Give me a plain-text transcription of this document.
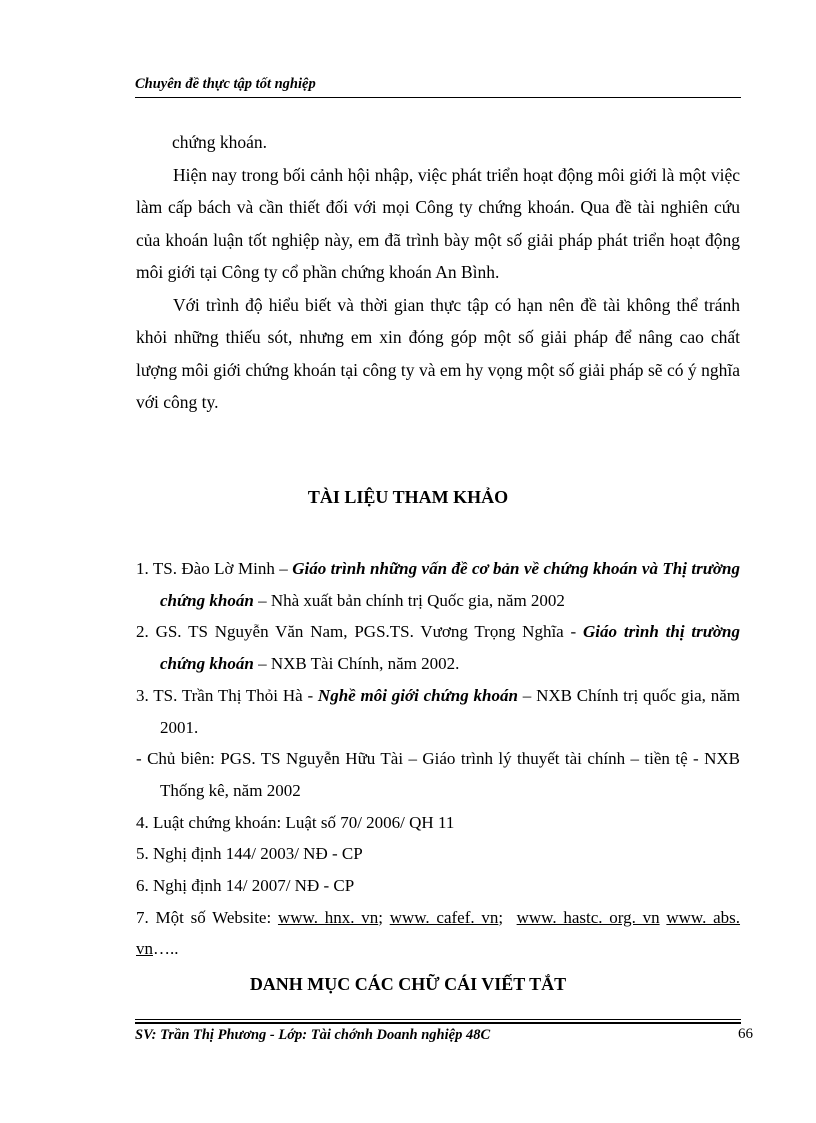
Chuyên đề thực tập tốt nghiệp

chứng khoán.

Hiện nay trong bối cảnh hội nhập, việc phát triển hoạt động môi giới là một việc làm cấp bách và cần thiết đối với mọi Công ty chứng khoán. Qua đề tài nghiên cứu của khoán luận tốt nghiệp này, em đã trình bày một số giải pháp phát triển hoạt động môi giới tại Công ty cổ phần chứng khoán An Bình.

Với trình độ hiểu biết và thời gian thực tập có hạn nên đề tài không thể tránh khỏi những thiếu sót, nhưng em xin đóng góp một số giải pháp để nâng cao chất lượng môi giới chứng khoán tại công ty và em hy vọng một số giải pháp sẽ có ý nghĩa với công ty.

TÀI LIỆU THAM KHẢO

1. TS. Đào Lờ Minh – Giáo trình những vấn đề cơ bản về chứng khoán và Thị trường chứng khoán – Nhà xuất bản chính trị Quốc gia, năm 2002

2. GS. TS Nguyễn Văn Nam, PGS.TS. Vương Trọng Nghĩa - Giáo trình thị trường chứng khoán – NXB Tài Chính, năm 2002.

3. TS. Trần Thị Thỏi Hà - Nghề môi giới chứng khoán – NXB Chính trị quốc gia, năm 2001.

- Chủ biên: PGS. TS Nguyễn Hữu Tài – Giáo trình lý thuyết tài chính – tiền tệ - NXB Thống kê, năm 2002

4. Luật chứng khoán: Luật số 70/ 2006/ QH 11

5. Nghị định 144/ 2003/ NĐ - CP

6. Nghị định 14/ 2007/ NĐ - CP

7. Một số Website: www. hnx. vn; www. cafef. vn;  www. hastc. org. vn www. abs. vn…..

DANH MỤC CÁC CHỮ CÁI VIẾT TẮT
SV: Trần Thị Phương - Lớp: Tài chớnh Doanh nghiệp 48C	66
